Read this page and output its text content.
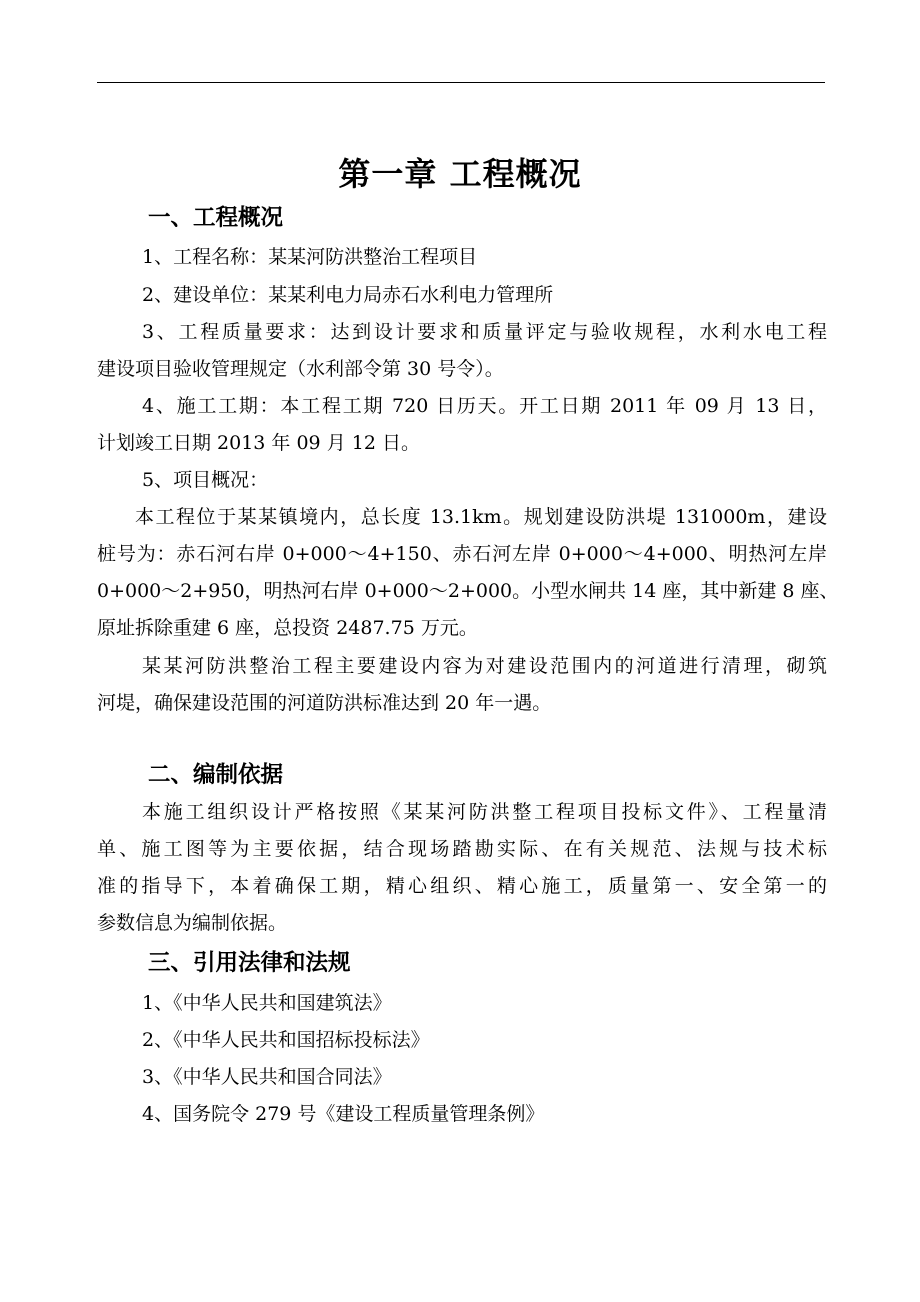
第一章 工程概况
一、工程概况
1、工程名称：某某河防洪整治工程项目
2、建设单位：某某利电力局赤石水利电力管理所
3、工程质量要求：达到设计要求和质量评定与验收规程，水利水电工程
建设项目验收管理规定（水利部令第 30 号令）。
4、施工工期：本工程工期 720 日历天。开工日期 2011 年 09 月 13 日，
计划竣工日期 2013 年 09 月 12 日。
5、项目概况：
本工程位于某某镇境内，总长度 13.1km。规划建设防洪堤 131000m，建设
桩号为：赤石河右岸 0+000～4+150、赤石河左岸 0+000～4+000、明热河左岸
0+000～2+950，明热河右岸 0+000～2+000。小型水闸共 14 座，其中新建 8 座、
原址拆除重建 6 座，总投资 2487.75 万元。
某某河防洪整治工程主要建设内容为对建设范围内的河道进行清理，砌筑
河堤，确保建设范围的河道防洪标准达到 20 年一遇。
二、编制依据
本施工组织设计严格按照《某某河防洪整工程项目投标文件》、工程量清
单、施工图等为主要依据，结合现场踏勘实际、在有关规范、法规与技术标
准的指导下，本着确保工期，精心组织、精心施工，质量第一、安全第一的
参数信息为编制依据。
三、引用法律和法规
1、《中华人民共和国建筑法》
2、《中华人民共和国招标投标法》
3、《中华人民共和国合同法》
4、国务院令 279 号《建设工程质量管理条例》
